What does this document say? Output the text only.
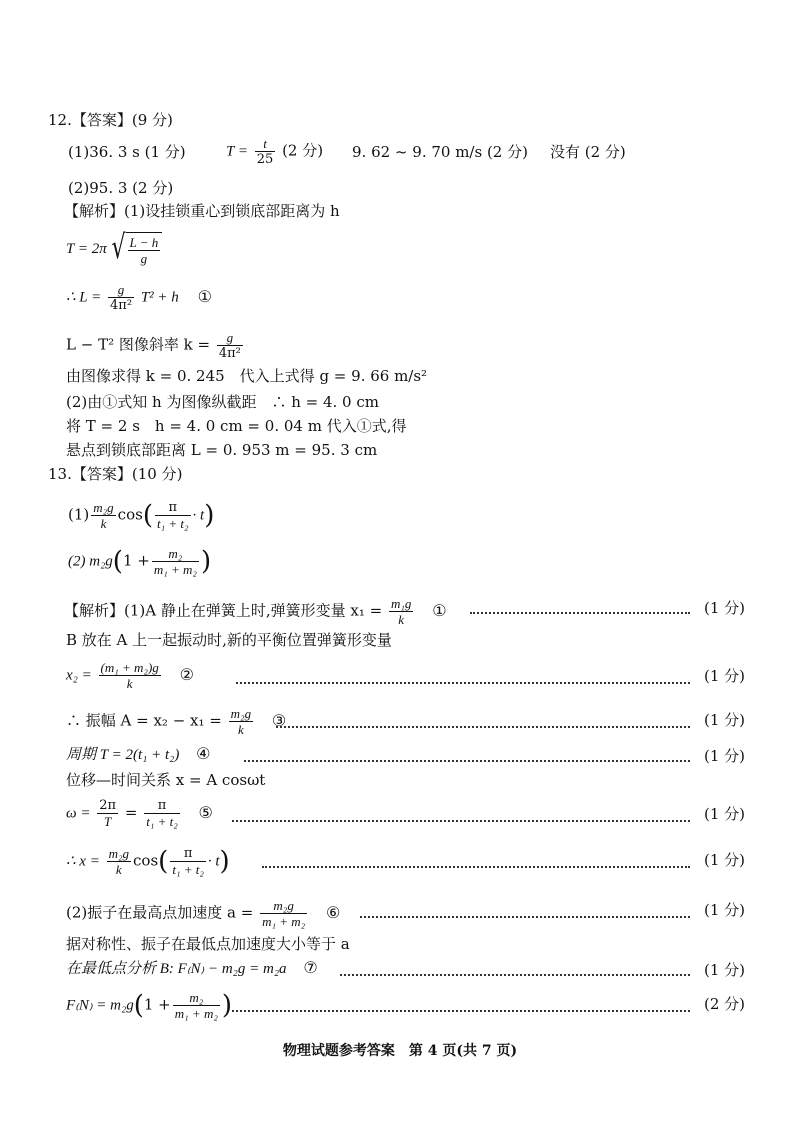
12.【答案】(9 分)
(1)36. 3 s (1 分)	$T = \frac{t}{25} (2$ 分) 9. 62 ~ 9. 70 m/s (2 分) 没有 (2 分)
(2)95. 3 (2 分)
【解析】(1)设挂锁重心到锁底部距离为 h
T = 2π √ $\frac{L - h}{g}$
∴ $L = \frac{g}{\text{4π²}} T^2 + h$ ①
L − T² 图像斜率 $k = \frac{g}{\text{4π²}}$
由图像求得 k = 0. 245　代入上式得 g = 9. 66 m/s²
(2)由①式知 h 为图像纵截距　∴ h = 4. 0 cm
将 T = 2 s　h = 4. 0 cm = 0. 04 m 代入①式,得
悬点到锁底部距离 L = 0. 953 m = 95. 3 cm
13.【答案】(10 分)
$(1) \frac{\text{m₂g}}{k} \cos( \frac{\pi}{\text{t₁ + t₂}} \cdot t)$
(2) $m_2g(1 + \frac{\text{m₂}}{\text{m₁ + m₂}}$ )
【解析】(1)A 静止在弹簧上时,弹簧形变量 $x_1 = \frac{\text{m₁g}}{k}$ ①	(1 分)
B 放在 A 上一起振动时,新的平衡位置弹簧形变量
$x_2 = \frac{\text{(m₁ + m₂)g}}{k}$ ②	(1 分)
∴ 振幅 $A = x_2 - x_1 = \frac{\text{m₂g}}{k}$ ③	(1 分)
周期 T = 2(t₁ + t₂) ④	(1 分)
位移—时间关系 x = A cosωt
$\omega = \frac{2\pi}{T} = \frac{\pi}{\text{t₁ + t₂}}$ ⑤	(1 分)
∴ $x = \frac{\text{m₂g}}{k} \cos( \frac{\pi}{\text{t₁ + t₂}} \cdot t)$	(1 分)
(2)振子在最高点加速度 $a = \frac{\text{m₂g}}{\text{m₁ + m₂}}$ ⑥	(1 分)
据对称性、振子在最低点加速度大小等于 a
在最低点分析 B: F₍N₎ − m₂g = m₂a ⑦	(1 分)
$F_(N_) = m_2g(1 + \frac{\text{m₂}}{\text{m₁ + m₂}}$ )	(2 分)
物理试题参考答案　第 4 页(共 7 页)
